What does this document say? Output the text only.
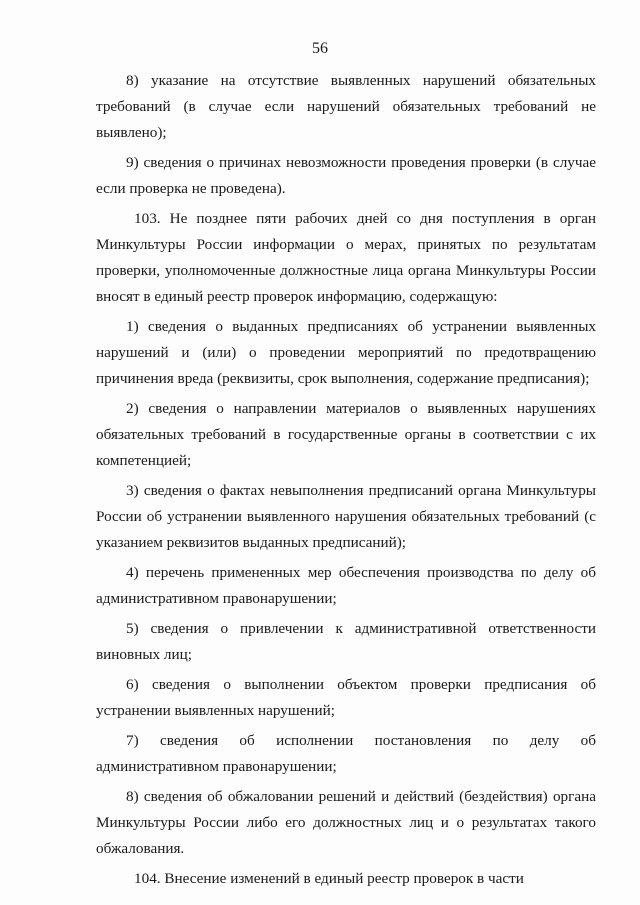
56

8) указание на отсутствие выявленных нарушений обязательных требований (в случае если нарушений обязательных требований не выявлено);

9) сведения о причинах невозможности проведения проверки (в случае если проверка не проведена).

103. Не позднее пяти рабочих дней со дня поступления в орган Минкультуры России информации о мерах, принятых по результатам проверки, уполномоченные должностные лица органа Минкультуры России вносят в единый реестр проверок информацию, содержащую:

1) сведения о выданных предписаниях об устранении выявленных нарушений и (или) о проведении мероприятий по предотвращению причинения вреда (реквизиты, срок выполнения, содержание предписания);

2) сведения о направлении материалов о выявленных нарушениях обязательных требований в государственные органы в соответствии с их компетенцией;

3) сведения о фактах невыполнения предписаний органа Минкультуры России об устранении выявленного нарушения обязательных требований (с указанием реквизитов выданных предписаний);

4) перечень примененных мер обеспечения производства по делу об административном правонарушении;

5) сведения о привлечении к административной ответственности виновных лиц;

6) сведения о выполнении объектом проверки предписания об устранении выявленных нарушений;

7) сведения об исполнении постановления по делу об административном правонарушении;

8) сведения об обжаловании решений и действий (бездействия) органа Минкультуры России либо его должностных лиц и о результатах такого обжалования.

104. Внесение изменений в единый реестр проверок в части
